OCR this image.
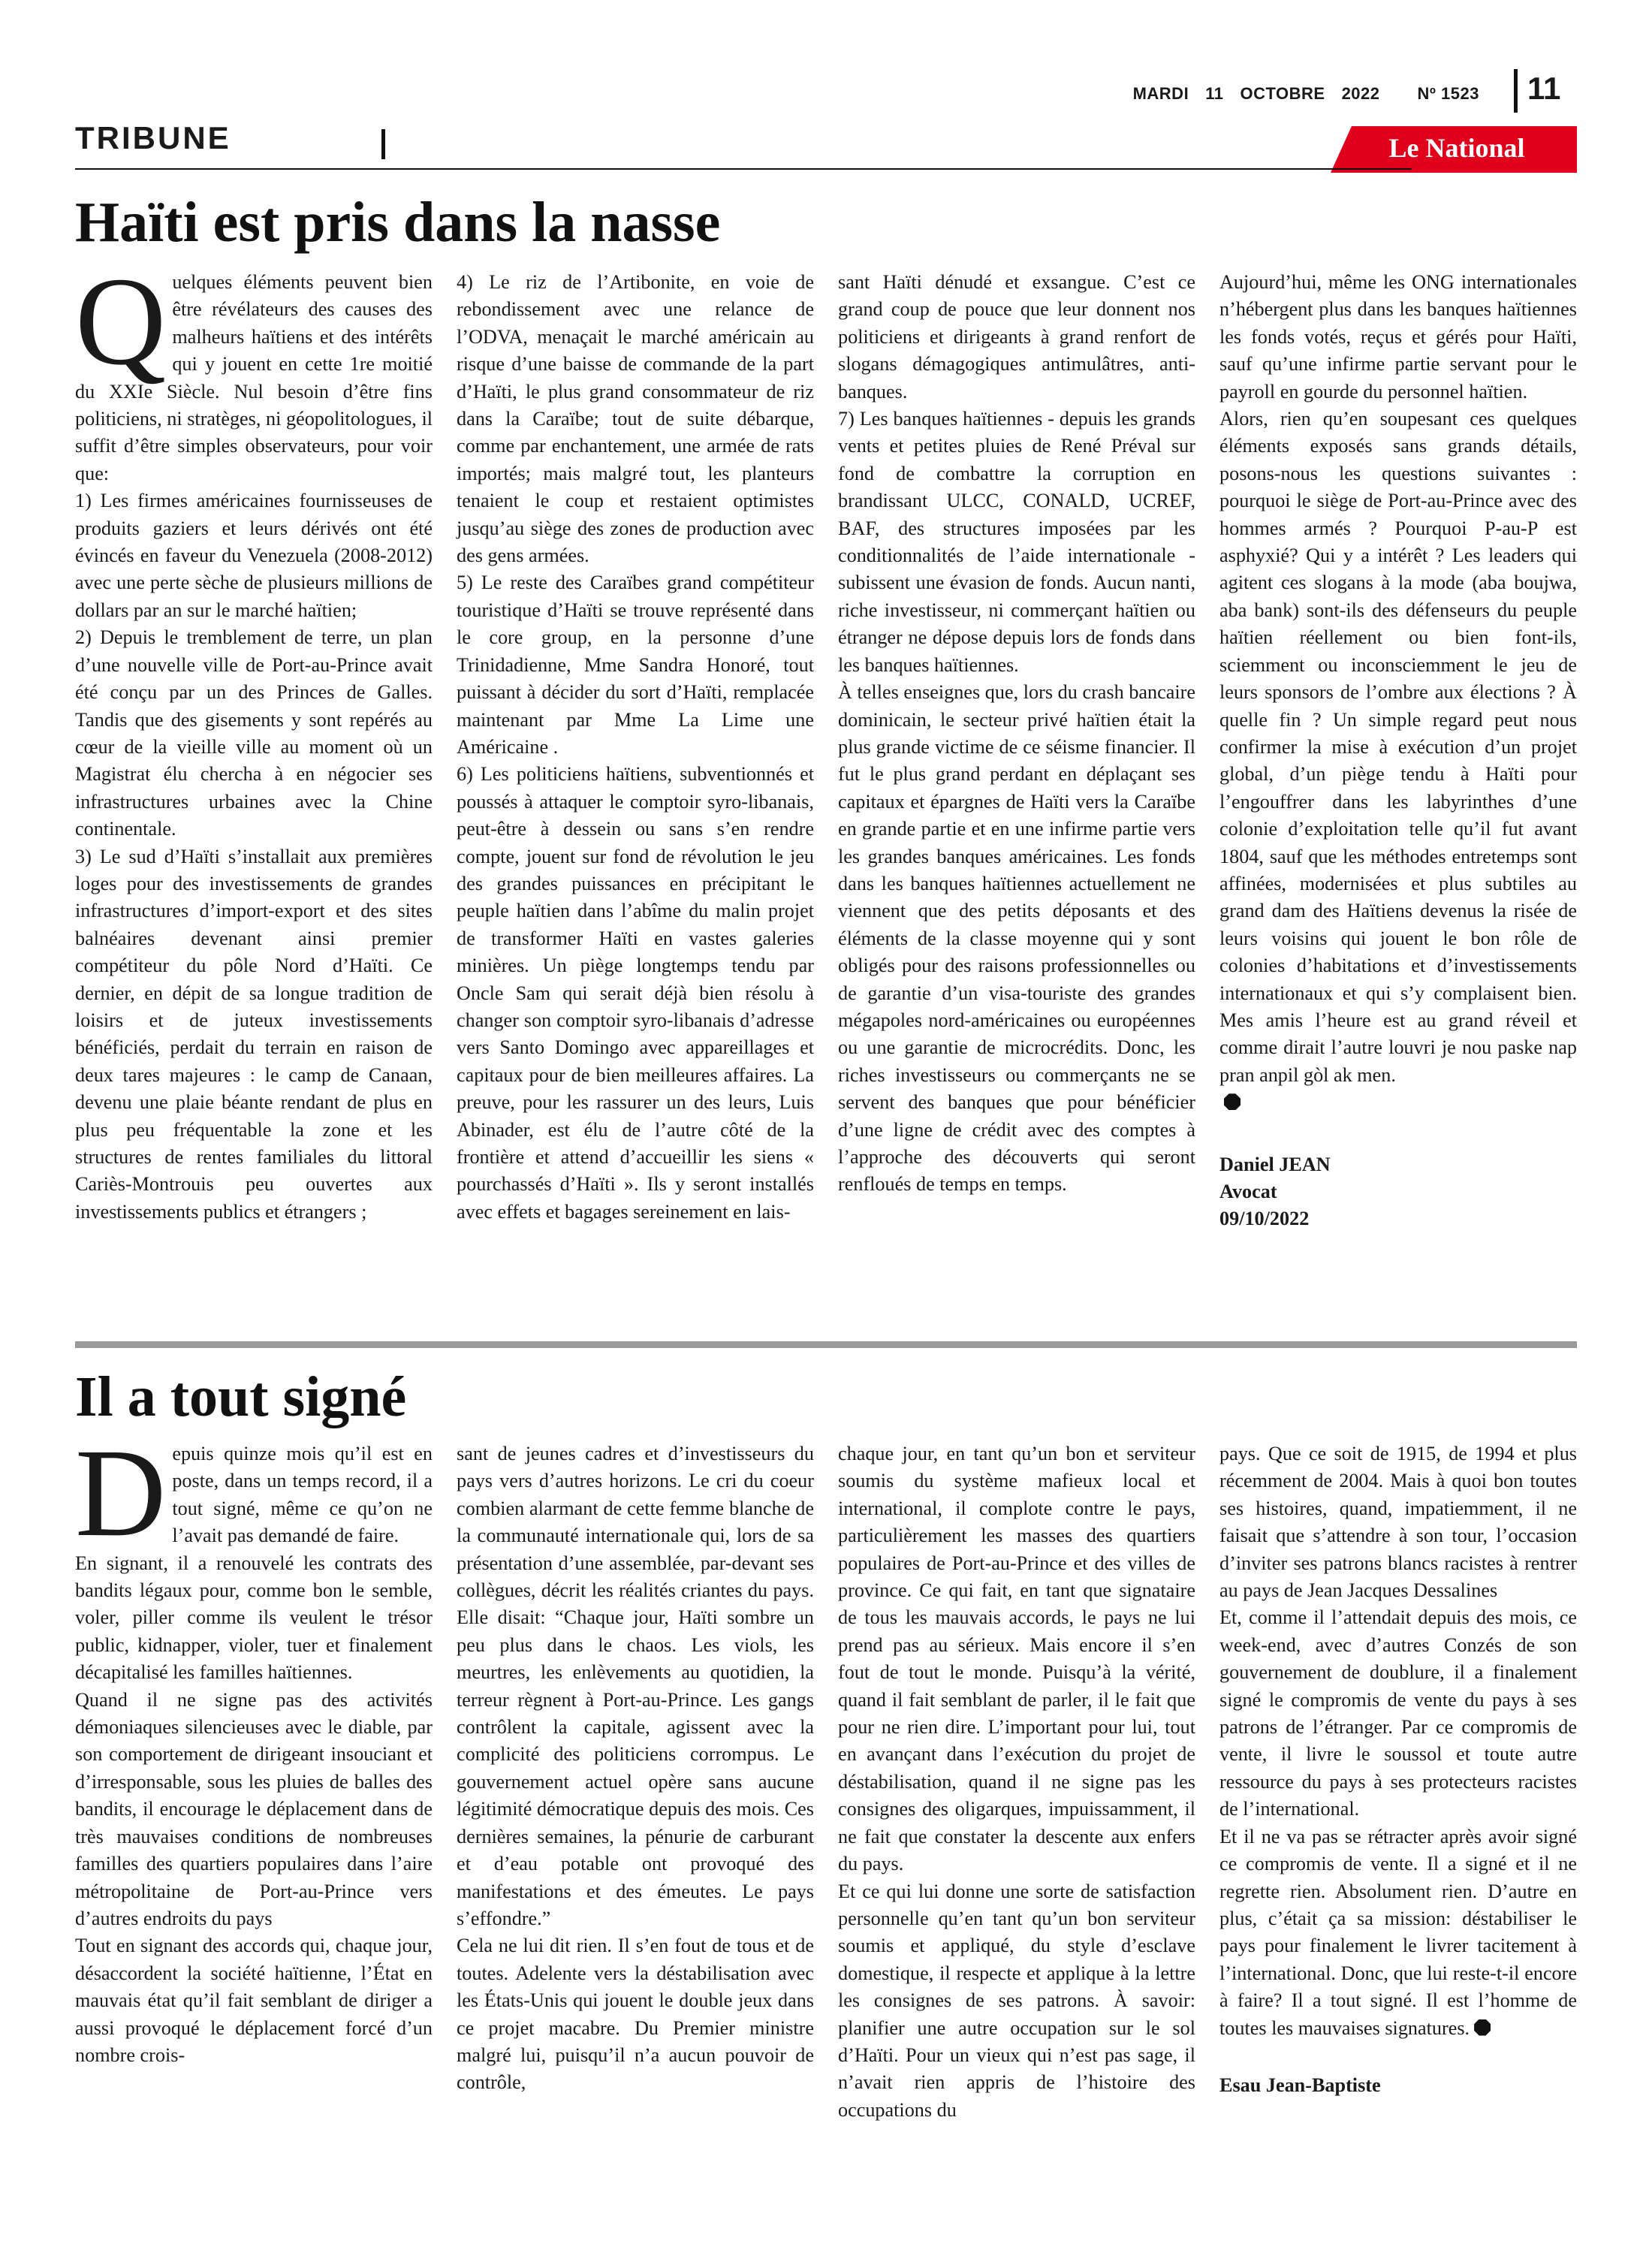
MARDI 11 OCTOBRE 2022 Nº 1523 11
TRIBUNE	Le National
Haïti est pris dans la nasse
Q uelques éléments peuvent bien être révélateurs des causes des malheurs haïtiens et des intérêts qui y jouent en cette 1re moitié du XXIe Siècle. Nul besoin d’être fins politiciens, ni stratèges, ni géopolitologues, il suffit d’être simples observateurs, pour voir que:

1) Les firmes américaines fournisseuses de produits gaziers et leurs dérivés ont été évincés en faveur du Venezuela (2008-2012) avec une perte sèche de plusieurs millions de dollars par an sur le marché haïtien;

2) Depuis le tremblement de terre, un plan d’une nouvelle ville de Port-au-Prince avait été conçu par un des Princes de Galles. Tandis que des gisements y sont repérés au cœur de la vieille ville au moment où un Magistrat élu chercha à en négocier ses infrastructures urbaines avec la Chine continentale.

3) Le sud d’Haïti s’installait aux premières loges pour des investissements de grandes infrastructures d’import-export et des sites balnéaires devenant ainsi premier compétiteur du pôle Nord d’Haïti. Ce dernier, en dépit de sa longue tradition de loisirs et de juteux investissements bénéficiés, perdait du terrain en raison de deux tares majeures : le camp de Canaan, devenu une plaie béante rendant de plus en plus peu fréquentable la zone et les structures de rentes familiales du littoral Cariès-Montrouis peu ouvertes aux investissements publics et étrangers ;

4) Le riz de l’Artibonite, en voie de rebondissement avec une relance de l’ODVA, menaçait le marché américain au risque d’une baisse de commande de la part d’Haïti, le plus grand consommateur de riz dans la Caraïbe; tout de suite débarque, comme par enchantement, une armée de rats importés; mais malgré tout, les planteurs tenaient le coup et restaient optimistes jusqu’au siège des zones de production avec des gens armées.

5) Le reste des Caraïbes grand compétiteur touristique d’Haïti se trouve représenté dans le core group, en la personne d’une Trinidadienne, Mme Sandra Honoré, tout puissant à décider du sort d’Haïti, remplacée maintenant par Mme La Lime une Américaine .

6) Les politiciens haïtiens, subventionnés et poussés à attaquer le comptoir syro-libanais, peut-être à dessein ou sans s’en rendre compte, jouent sur fond de révolution le jeu des grandes puissances en précipitant le peuple haïtien dans l’abîme du malin projet de transformer Haïti en vastes galeries minières. Un piège longtemps tendu par Oncle Sam qui serait déjà bien résolu à changer son comptoir syro-libanais d’adresse vers Santo Domingo avec appareillages et capitaux pour de bien meilleures affaires. La preuve, pour les rassurer un des leurs, Luis Abinader, est élu de l’autre côté de la frontière et attend d’accueillir les siens « pourchassés d’Haïti ». Ils y seront installés avec effets et bagages sereinement en lais-

sant Haïti dénudé et exsangue. C’est ce grand coup de pouce que leur donnent nos politiciens et dirigeants à grand renfort de slogans démagogiques antimulâtres, anti-banques.

7) Les banques haïtiennes - depuis les grands vents et petites pluies de René Préval sur fond de combattre la corruption en brandissant ULCC, CONALD, UCREF, BAF, des structures imposées par les conditionnalités de l’aide internationale - subissent une évasion de fonds. Aucun nanti, riche investisseur, ni commerçant haïtien ou étranger ne dépose depuis lors de fonds dans les banques haïtiennes.

À telles enseignes que, lors du crash bancaire dominicain, le secteur privé haïtien était la plus grande victime de ce séisme financier. Il fut le plus grand perdant en déplaçant ses capitaux et épargnes de Haïti vers la Caraïbe en grande partie et en une infirme partie vers les grandes banques américaines. Les fonds dans les banques haïtiennes actuellement ne viennent que des petits déposants et des éléments de la classe moyenne qui y sont obligés pour des raisons professionnelles ou de garantie d’un visa-touriste des grandes mégapoles nord-américaines ou européennes ou une garantie de microcrédits. Donc, les riches investisseurs ou commerçants ne se servent des banques que pour bénéficier d’une ligne de crédit avec des comptes à l’approche des découverts qui seront renfloués de temps en temps.

Aujourd’hui, même les ONG internationales n’hébergent plus dans les banques haïtiennes les fonds votés, reçus et gérés pour Haïti, sauf qu’une infirme partie servant pour le payroll en gourde du personnel haïtien.

Alors, rien qu’en soupesant ces quelques éléments exposés sans grands détails, posons-nous les questions suivantes : pourquoi le siège de Port-au-Prince avec des hommes armés ? Pourquoi P-au-P est asphyxié? Qui y a intérêt ? Les leaders qui agitent ces slogans à la mode (aba boujwa, aba bank) sont-ils des défenseurs du peuple haïtien réellement ou bien font-ils, sciemment ou inconsciemment le jeu de leurs sponsors de l’ombre aux élections ? À quelle fin ? Un simple regard peut nous confirmer la mise à exécution d’un projet global, d’un piège tendu à Haïti pour l’engouffrer dans les labyrinthes d’une colonie d’exploitation telle qu’il fut avant 1804, sauf que les méthodes entretemps sont affinées, modernisées et plus subtiles au grand dam des Haïtiens devenus la risée de leurs voisins qui jouent le bon rôle de colonies d’habitations et d’investissements internationaux et qui s’y complaisent bien. Mes amis l’heure est au grand réveil et comme dirait l’autre louvri je nou paske nap pran anpil gòl ak men.

Daniel JEAN
Avocat
09/10/2022
Il a tout signé
D epuis quinze mois qu’il est en poste, dans un temps record, il a tout signé, même ce qu’on ne l’avait pas demandé de faire.

En signant, il a renouvelé les contrats des bandits légaux pour, comme bon le semble, voler, piller comme ils veulent le trésor public, kidnapper, violer, tuer et finalement décapitalisé les familles haïtiennes.

Quand il ne signe pas des activités démoniaques silencieuses avec le diable, par son comportement de dirigeant insouciant et d’irresponsable, sous les pluies de balles des bandits, il encourage le déplacement dans de très mauvaises conditions de nombreuses familles des quartiers populaires dans l’aire métropolitaine de Port-au-Prince vers d’autres endroits du pays

Tout en signant des accords qui, chaque jour, désaccordent la société haïtienne, l’État en mauvais état qu’il fait semblant de diriger a aussi provoqué le déplacement forcé d’un nombre crois-

sant de jeunes cadres et d’investisseurs du pays vers d’autres horizons. Le cri du coeur combien alarmant de cette femme blanche de la communauté internationale qui, lors de sa présentation d’une assemblée, par-devant ses collègues, décrit les réalités criantes du pays. Elle disait: “Chaque jour, Haïti sombre un peu plus dans le chaos. Les viols, les meurtres, les enlèvements au quotidien, la terreur règnent à Port-au-Prince. Les gangs contrôlent la capitale, agissent avec la complicité des politiciens corrompus. Le gouvernement actuel opère sans aucune légitimité démocratique depuis des mois. Ces dernières semaines, la pénurie de carburant et d’eau potable ont provoqué des manifestations et des émeutes. Le pays s’effondre.”

Cela ne lui dit rien. Il s’en fout de tous et de toutes. Adelente vers la déstabilisation avec les États-Unis qui jouent le double jeux dans ce projet macabre. Du Premier ministre malgré lui, puisqu’il n’a aucun pouvoir de contrôle,

chaque jour, en tant qu’un bon et serviteur soumis du système mafieux local et international, il complote contre le pays, particulièrement les masses des quartiers populaires de Port-au-Prince et des villes de province. Ce qui fait, en tant que signataire de tous les mauvais accords, le pays ne lui prend pas au sérieux. Mais encore il s’en fout de tout le monde. Puisqu’à la vérité, quand il fait semblant de parler, il le fait que pour ne rien dire. L’important pour lui, tout en avançant dans l’exécution du projet de déstabilisation, quand il ne signe pas les consignes des oligarques, impuissamment, il ne fait que constater la descente aux enfers du pays.

Et ce qui lui donne une sorte de satisfaction personnelle qu’en tant qu’un bon serviteur soumis et appliqué, du style d’esclave domestique, il respecte et applique à la lettre les consignes de ses patrons. À savoir: planifier une autre occupation sur le sol d’Haïti. Pour un vieux qui n’est pas sage, il n’avait rien appris de l’histoire des occupations du

pays. Que ce soit de 1915, de 1994 et plus récemment de 2004. Mais à quoi bon toutes ses histoires, quand, impatiemment, il ne faisait que s’attendre à son tour, l’occasion d’inviter ses patrons blancs racistes à rentrer au pays de Jean Jacques Dessalines

Et, comme il l’attendait depuis des mois, ce week-end, avec d’autres Conzés de son gouvernement de doublure, il a finalement signé le compromis de vente du pays à ses patrons de l’étranger. Par ce compromis de vente, il livre le soussol et toute autre ressource du pays à ses protecteurs racistes de l’international.

Et il ne va pas se rétracter après avoir signé ce compromis de vente. Il a signé et il ne regrette rien. Absolument rien. D’autre en plus, c’était ça sa mission: déstabiliser le pays pour finalement le livrer tacitement à l’international. Donc, que lui reste-t-il encore à faire? Il a tout signé. Il est l’homme de toutes les mauvaises signatures.

Esau Jean-Baptiste
